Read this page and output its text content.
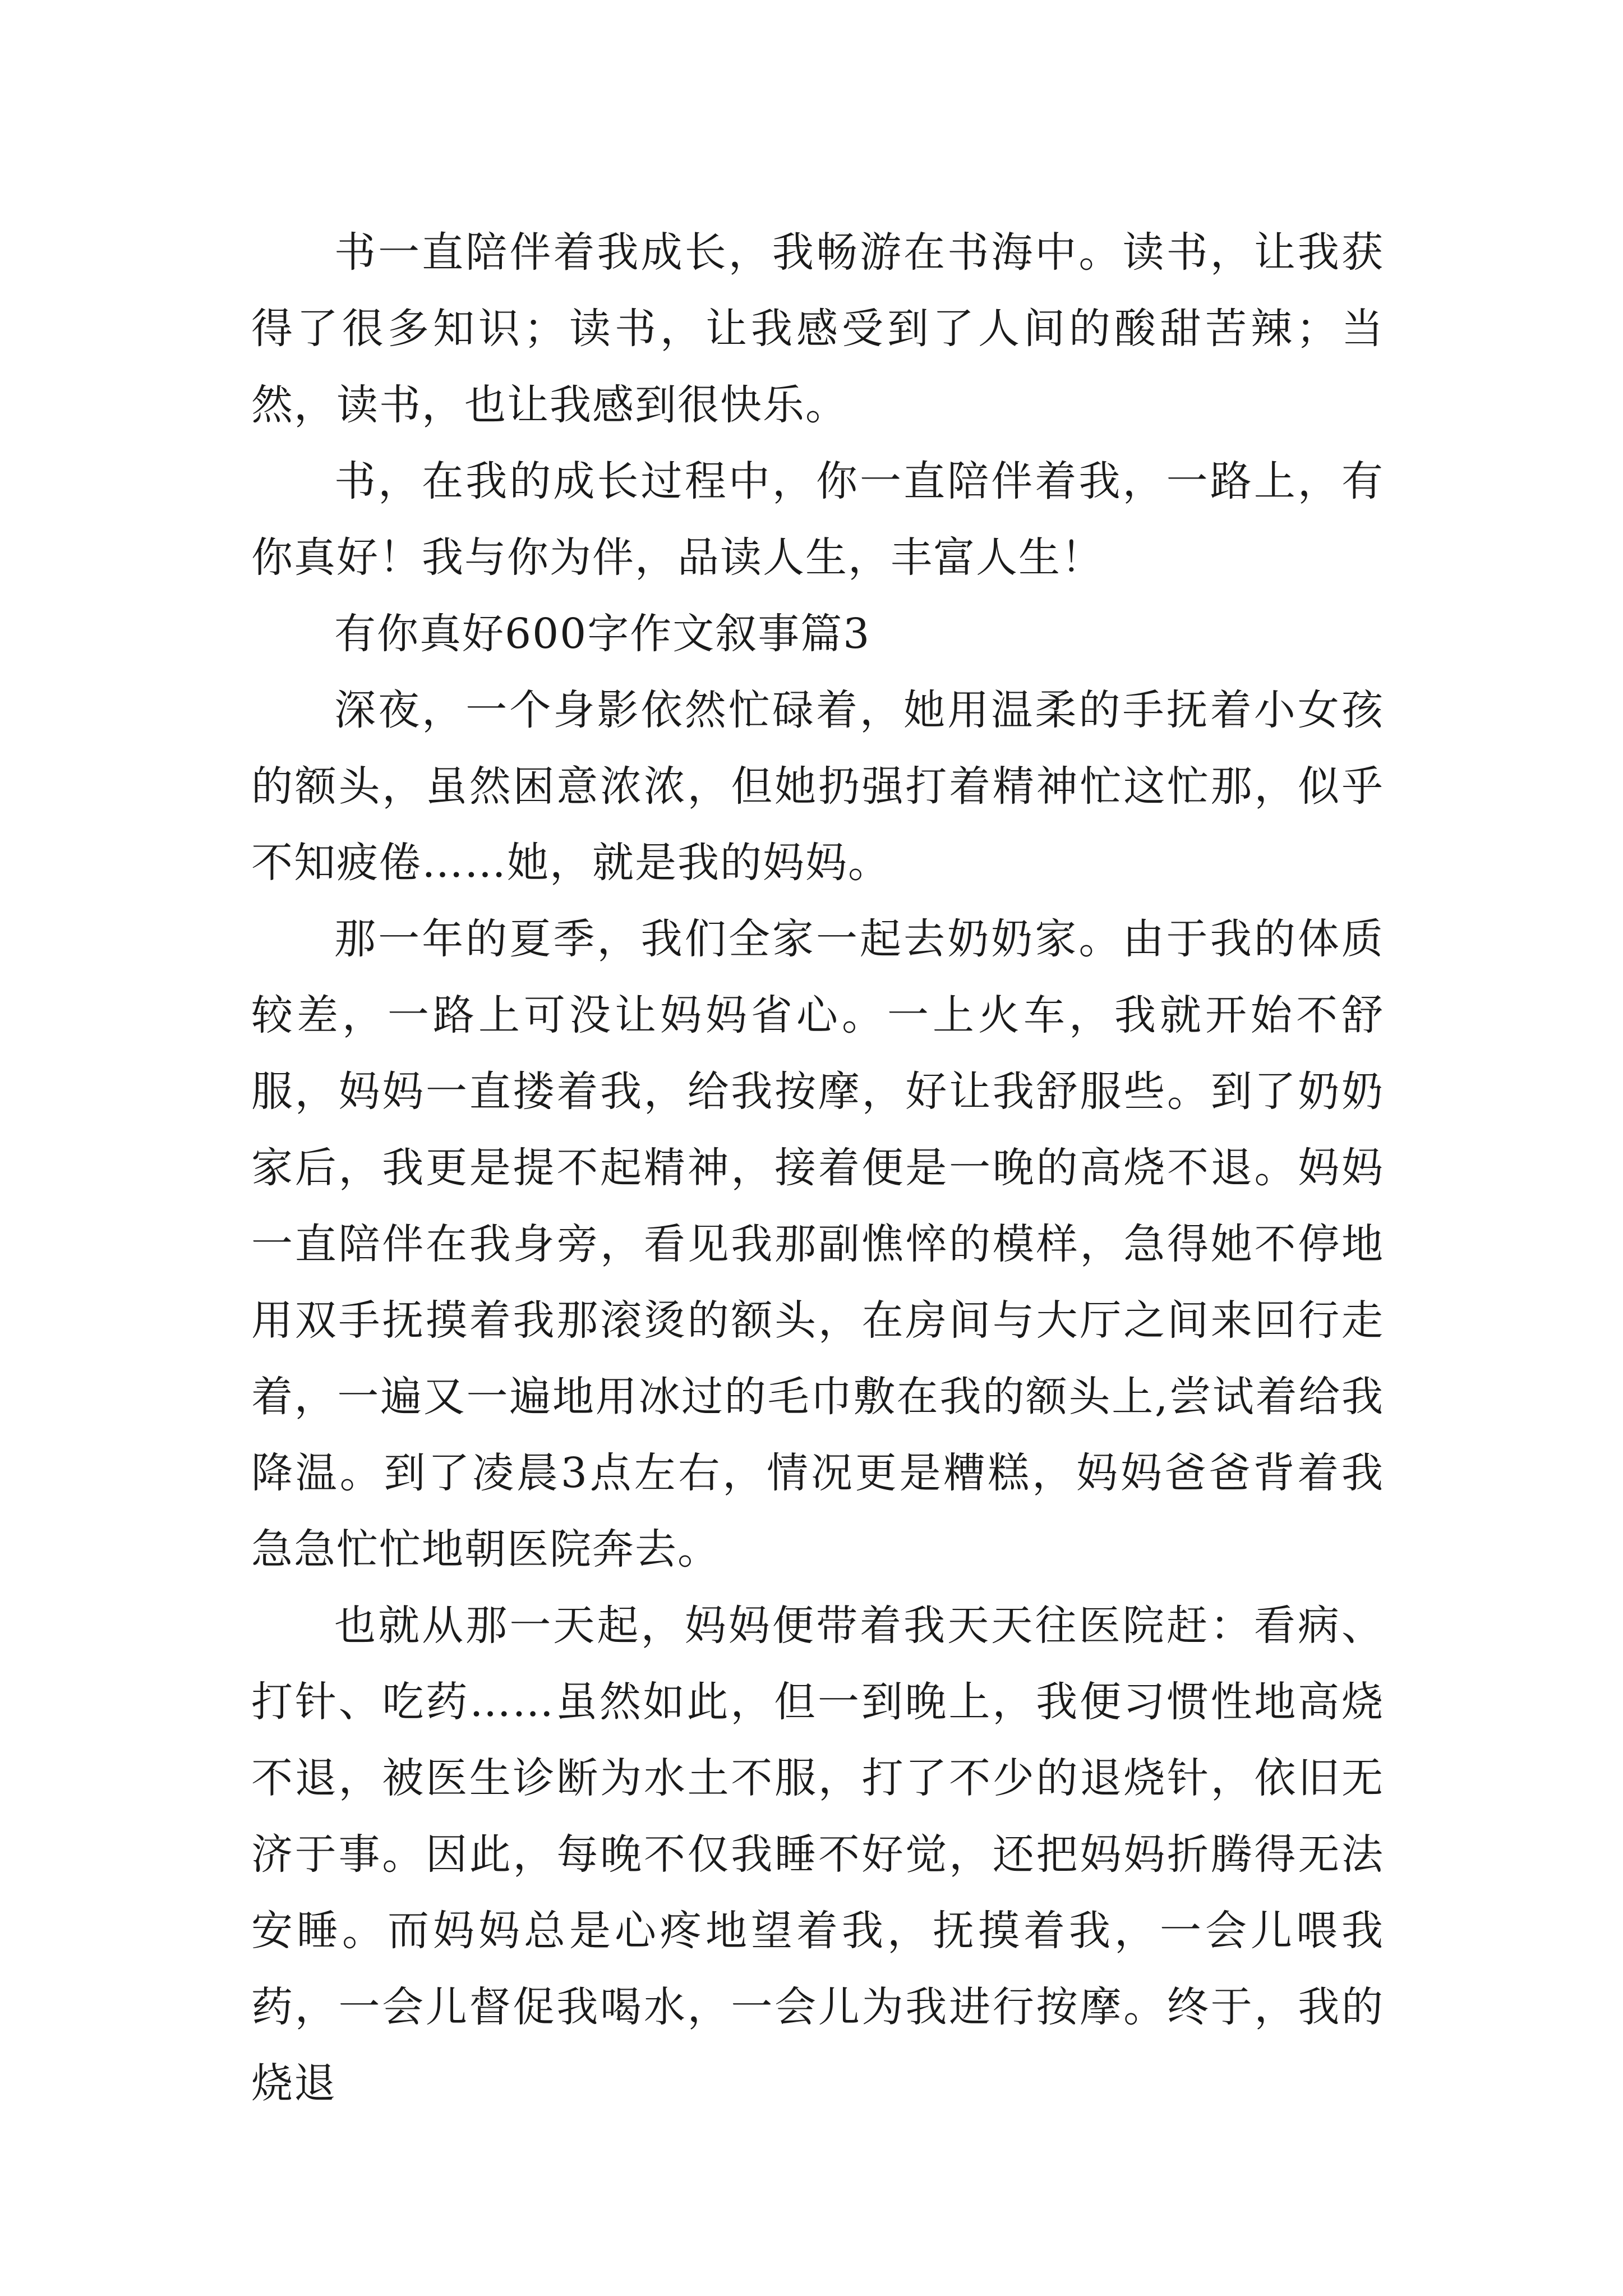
书一直陪伴着我成长，我畅游在书海中。读书，让我获得了很多知识；读书，让我感受到了人间的酸甜苦辣；当然，读书，也让我感到很快乐。

书，在我的成长过程中，你一直陪伴着我，一路上，有你真好！我与你为伴，品读人生，丰富人生！

有你真好600字作文叙事篇3

深夜，一个身影依然忙碌着，她用温柔的手抚着小女孩的额头，虽然困意浓浓，但她扔强打着精神忙这忙那，似乎不知疲倦……她，就是我的妈妈。

那一年的夏季，我们全家一起去奶奶家。由于我的体质较差，一路上可没让妈妈省心。一上火车，我就开始不舒服，妈妈一直搂着我，给我按摩，好让我舒服些。到了奶奶家后，我更是提不起精神，接着便是一晚的高烧不退。妈妈一直陪伴在我身旁，看见我那副憔悴的模样，急得她不停地用双手抚摸着我那滚烫的额头，在房间与大厅之间来回行走着，一遍又一遍地用冰过的毛巾敷在我的额头上,尝试着给我降温。到了凌晨3点左右，情况更是糟糕，妈妈爸爸背着我急急忙忙地朝医院奔去。

也就从那一天起，妈妈便带着我天天往医院赶：看病、打针、吃药……虽然如此，但一到晚上，我便习惯性地高烧不退，被医生诊断为水土不服，打了不少的退烧针，依旧无济于事。因此，每晚不仅我睡不好觉，还把妈妈折腾得无法安睡。而妈妈总是心疼地望着我，抚摸着我，一会儿喂我药，一会儿督促我喝水，一会儿为我进行按摩。终于，我的烧退
